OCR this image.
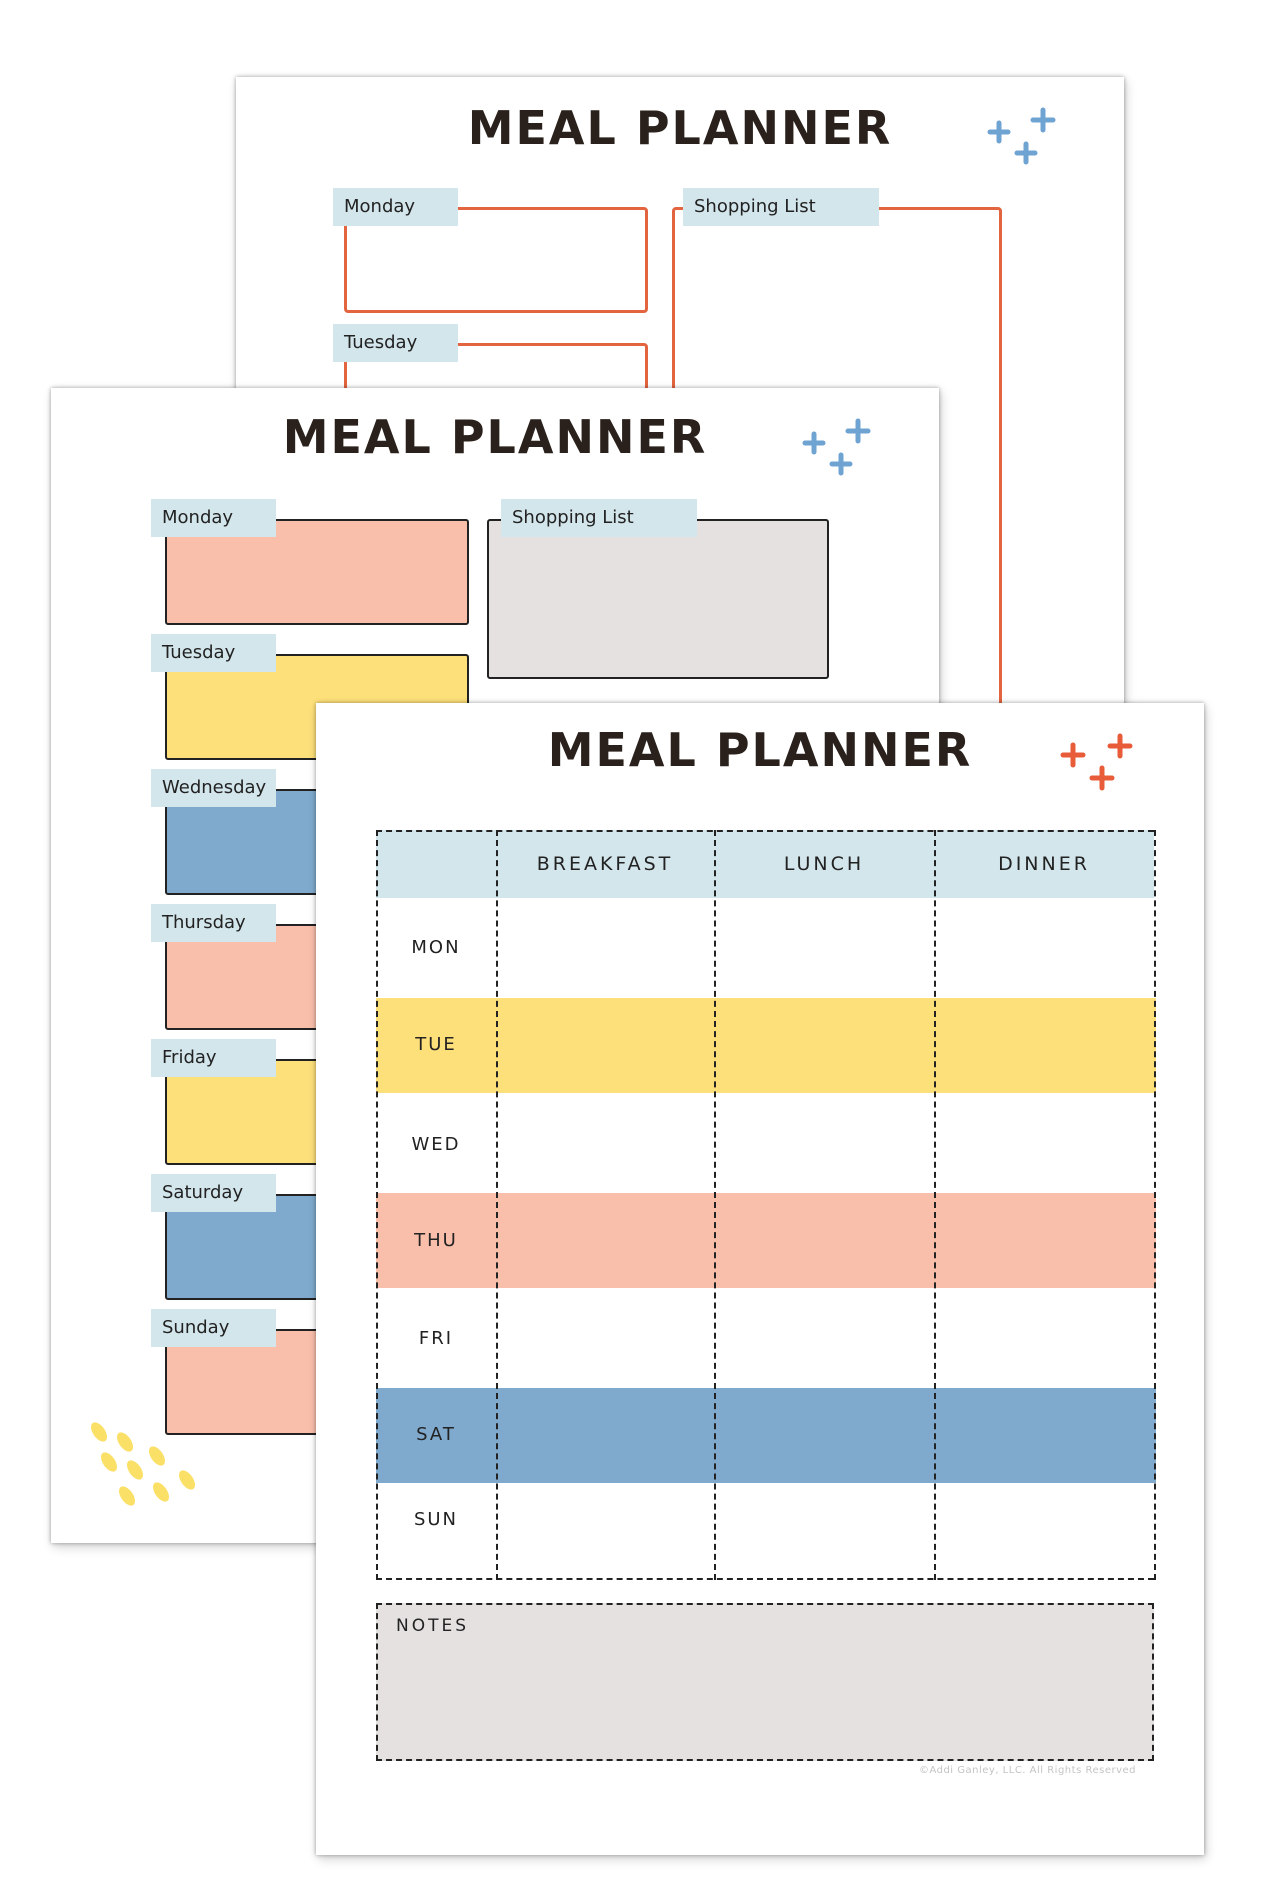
MEAL PLANNER
Monday
Tuesday
Shopping List
MEAL PLANNER
Monday
Tuesday
Wednesday
Thursday
Friday
Saturday
Sunday
Shopping List
MEAL PLANNER
BREAKFAST	LUNCH	DINNER
MON
TUE
WED
THU
FRI
SAT
SUN
NOTES
©Addi Ganley, LLC. All Rights Reserved
